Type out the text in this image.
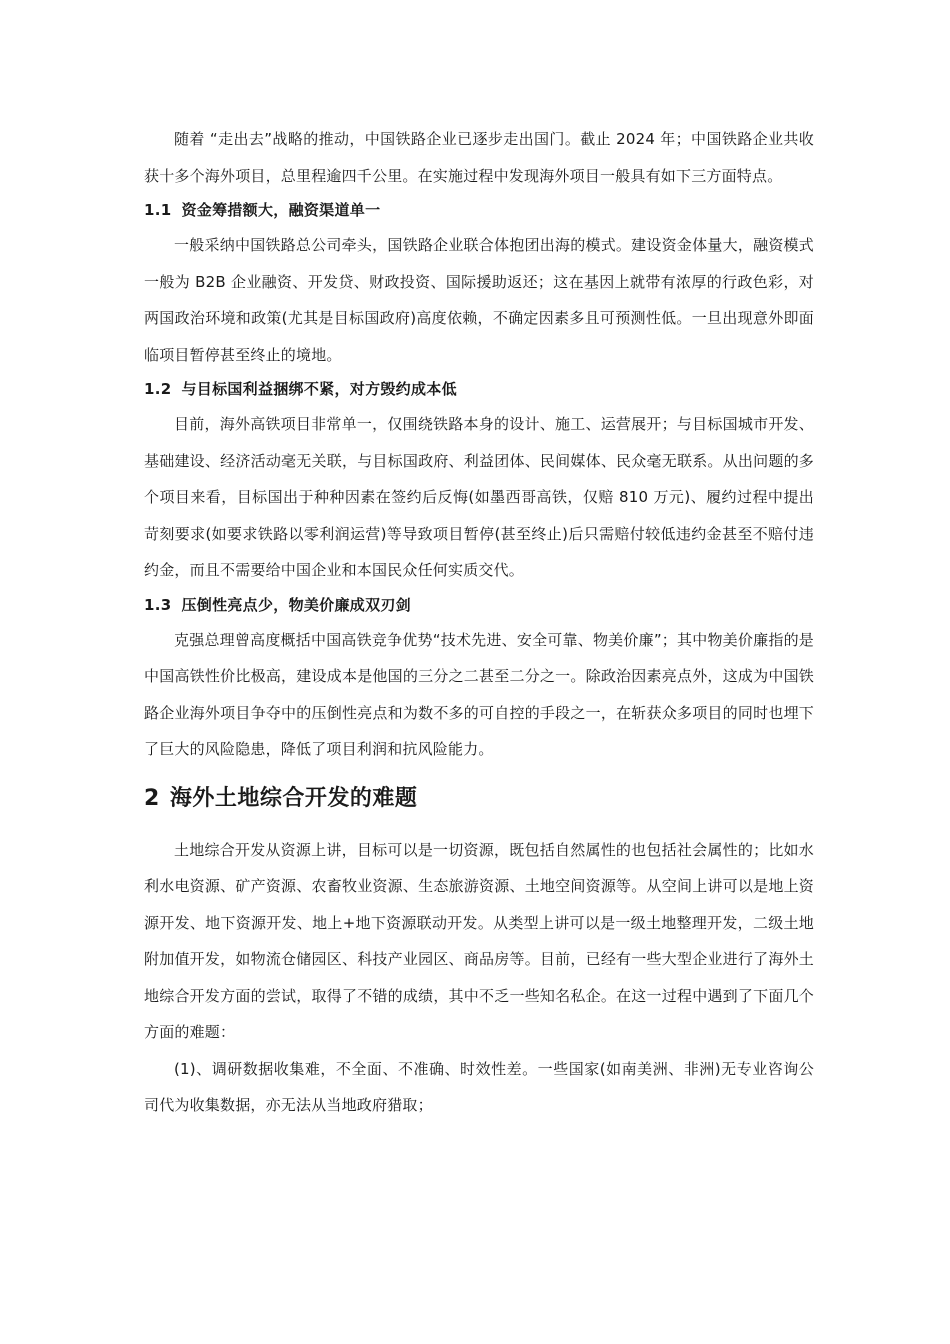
随着 “走出去”战略的推动，中国铁路企业已逐步走出国门。截止 2024 年；中国铁路企业共收获十多个海外项目，总里程逾四千公里。在实施过程中发现海外项目一般具有如下三方面特点。

1.1 资金筹措额大，融资渠道单一

一般采纳中国铁路总公司牵头，国铁路企业联合体抱团出海的模式。建设资金体量大，融资模式一般为 B2B 企业融资、开发贷、财政投资、国际援助返还；这在基因上就带有浓厚的行政色彩，对两国政治环境和政策(尤其是目标国政府)高度依赖，不确定因素多且可预测性低。一旦出现意外即面临项目暂停甚至终止的境地。

1.2 与目标国利益捆绑不紧，对方毁约成本低

目前，海外高铁项目非常单一，仅围绕铁路本身的设计、施工、运营展开；与目标国城市开发、基础建设、经济活动毫无关联，与目标国政府、利益团体、民间媒体、民众毫无联系。从出问题的多个项目来看，目标国出于种种因素在签约后反悔(如墨西哥高铁，仅赔 810 万元)、履约过程中提出苛刻要求(如要求铁路以零利润运营)等导致项目暂停(甚至终止)后只需赔付较低违约金甚至不赔付违约金，而且不需要给中国企业和本国民众任何实质交代。

1.3 压倒性亮点少，物美价廉成双刃剑

克强总理曾高度概括中国高铁竞争优势“技术先进、安全可靠、物美价廉”；其中物美价廉指的是中国高铁性价比极高，建设成本是他国的三分之二甚至二分之一。除政治因素亮点外，这成为中国铁路企业海外项目争夺中的压倒性亮点和为数不多的可自控的手段之一，在斩获众多项目的同时也埋下了巨大的风险隐患，降低了项目利润和抗风险能力。

2 海外土地综合开发的难题

土地综合开发从资源上讲，目标可以是一切资源，既包括自然属性的也包括社会属性的；比如水利水电资源、矿产资源、农畜牧业资源、生态旅游资源、土地空间资源等。从空间上讲可以是地上资源开发、地下资源开发、地上+地下资源联动开发。从类型上讲可以是一级土地整理开发，二级土地附加值开发，如物流仓储园区、科技产业园区、商品房等。目前，已经有一些大型企业进行了海外土地综合开发方面的尝试，取得了不错的成绩，其中不乏一些知名私企。在这一过程中遇到了下面几个方面的难题：

(1)、调研数据收集难，不全面、不准确、时效性差。一些国家(如南美洲、非洲)无专业咨询公司代为收集数据，亦无法从当地政府猎取；
